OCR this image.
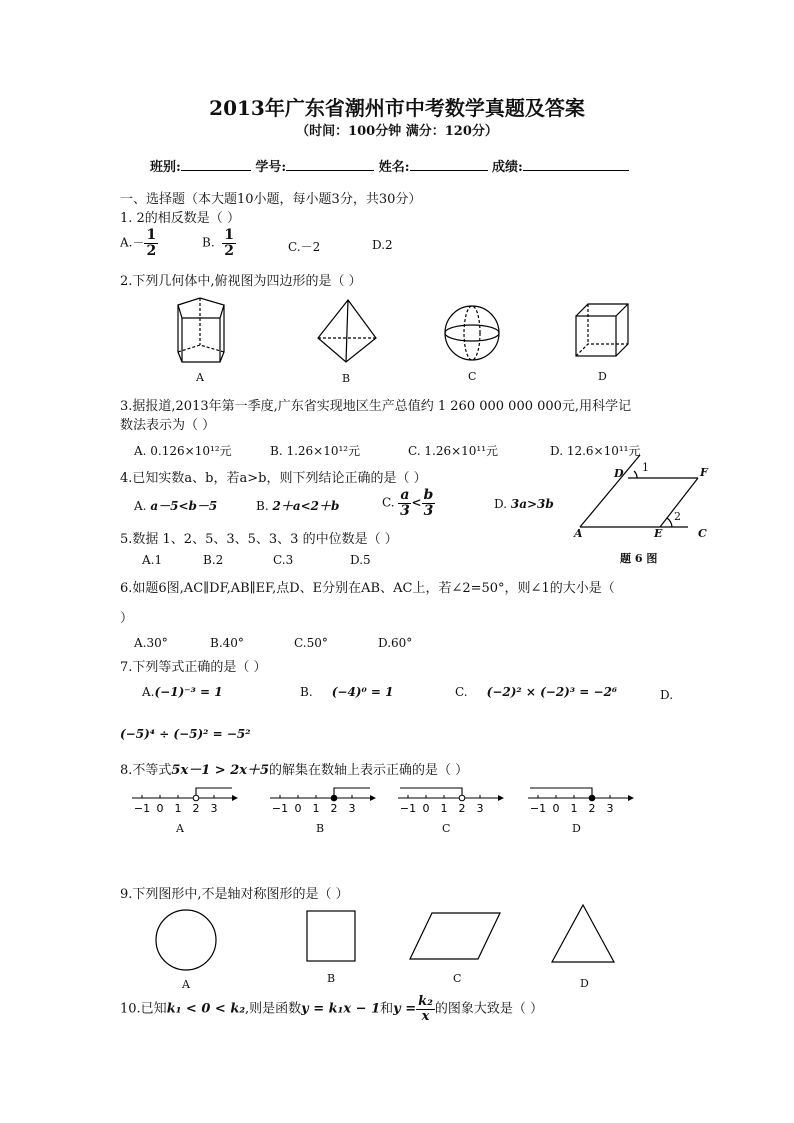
2013年广东省潮州市中考数学真题及答案
（时间：100分钟 满分：120分）
班别:	学号:	姓名:	成绩:
一、选择题（本大题10小题，每小题3分，共30分）
1. 2的相反数是（ ）
$A.- \frac{1}{2}$	B. $\frac{1}{2}$	C.－2	D.2
2.下列几何体中,俯视图为四边形的是（ ）
A	B	C	D
3.据报道,2013年第一季度,广东省实现地区生产总值约 1 260 000 000 000元,用科学记
数法表示为（ ）
A. 0.126×10¹²元	B. 1.26×10¹²元	C. 1.26×10¹¹元	D. 12.6×10¹¹元
4.已知实数a、b，若a>b，则下列结论正确的是（ ）
A. a－5<b－5	B. 2＋a<2＋b	C. $\frac{a}{3} < \frac{b}{3}$	D. 3a>3b
D	F
A	E	C
1
2
题 6 图
5.数据 1、2、5、3、5、3、3 的中位数是（ ）
A.1	B.2	C.3	D.5
6.如题6图,AC∥DF,AB∥EF,点D、E分别在AB、AC上，若∠2=50°，则∠1的大小是（
）
A.30°	B.40°	C.50°	D.60°
7.下列等式正确的是（ ）
A.(−1)⁻³ = 1	B. (−4)⁰ = 1	C. (−2)² × (−2)³ = −2⁶	D.
(−5)⁴ ÷ (−5)² = −5²
8.不等式5x－1 > 2x＋5的解集在数轴上表示正确的是（ ）
−1 0 1 2 3	−1 0 1 2 3	−1 0 1 2 3	−1 0 1 2 3
A	B	C	D
9.下列图形中,不是轴对称图形的是（ ）
A	B	C	D
10.已知k₁ < 0 < k₂,则是函数y = k₁x − 1和$y = \frac{\text{k₂}}{x}$ 的图象大致是（ ）
